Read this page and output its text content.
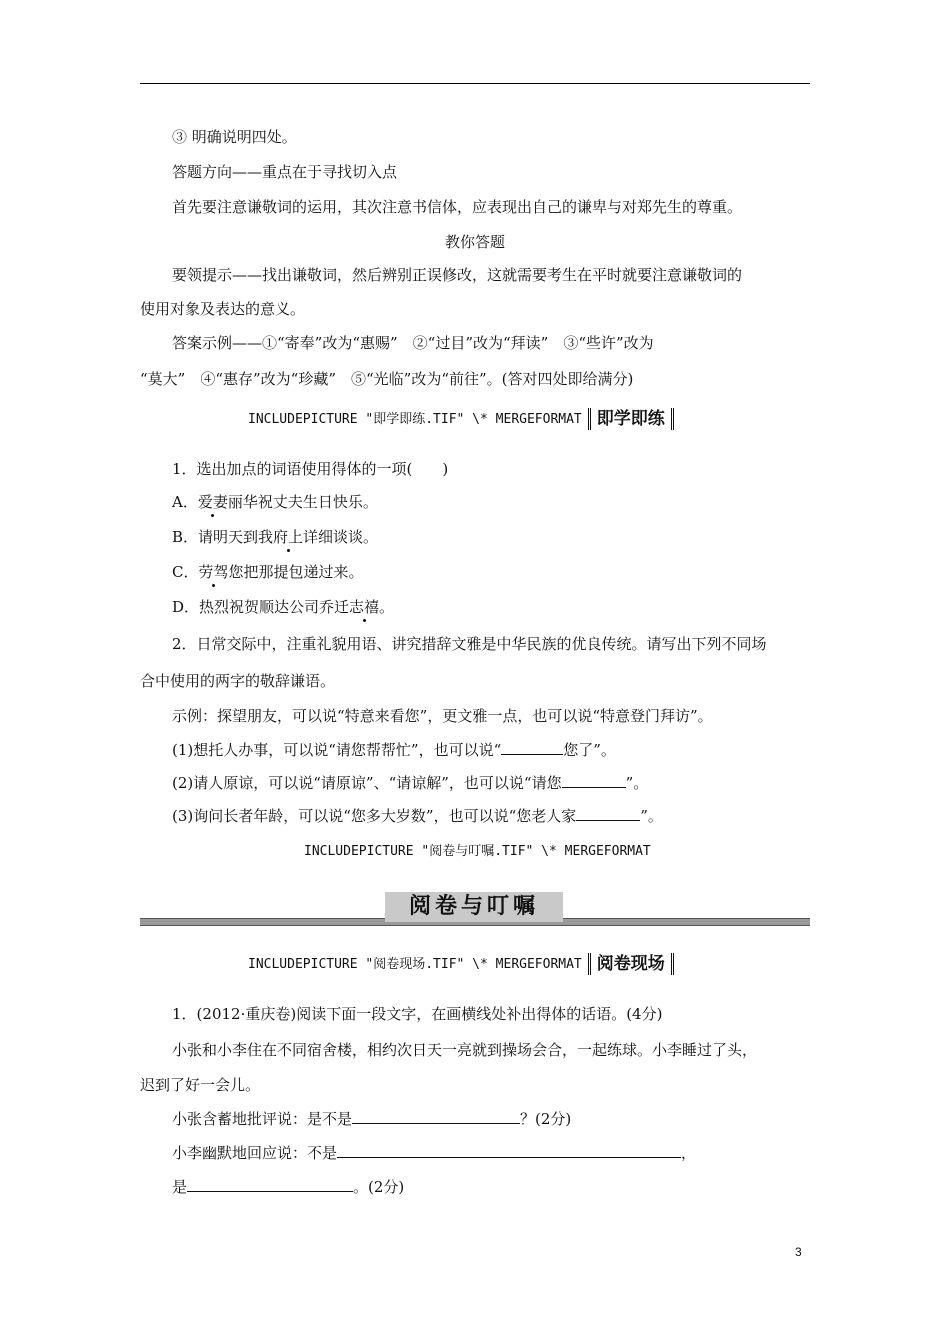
③ 明确说明四处。
答题方向——重点在于寻找切入点
首先要注意谦敬词的运用，其次注意书信体，应表现出自己的谦卑与对郑先生的尊重。
教你答题
要领提示——找出谦敬词，然后辨别正误修改，这就需要考生在平时就要注意谦敬词的
使用对象及表达的意义。
答案示例——①“寄奉”改为“惠赐”　②“过目”改为“拜读”　③“些许”改为
“莫大”　④“惠存”改为“珍藏”　⑤“光临”改为“前往”。(答对四处即给满分)
INCLUDEPICTURE "即学即练.TIF" \* MERGEFORMAT 即学即练
1．选出加点的词语使用得体的一项(　　)
A．爱妻丽华祝丈夫生日快乐。
B．请明天到我府上详细谈谈。
C．劳驾您把那提包递过来。
D．热烈祝贺顺达公司乔迁志禧。
2．日常交际中，注重礼貌用语、讲究措辞文雅是中华民族的优良传统。请写出下列不同场
合中使用的两字的敬辞谦语。
示例：探望朋友，可以说“特意来看您”，更文雅一点，也可以说“特意登门拜访”。
(1)想托人办事，可以说“请您帮帮忙”，也可以说“	您了”。
(2)请人原谅，可以说“请原谅”、“请谅解”，也可以说“请您	”。
(3)询问长者年龄，可以说“您多大岁数”，也可以说“您老人家	”。
INCLUDEPICTURE "阅卷与叮嘱.TIF" \* MERGEFORMAT
阅卷与叮嘱
INCLUDEPICTURE "阅卷现场.TIF" \* MERGEFORMAT 阅卷现场
1．(2012·重庆卷)阅读下面一段文字，在画横线处补出得体的话语。(4分)
小张和小李住在不同宿舍楼，相约次日天一亮就到操场会合，一起练球。小李睡过了头，
迟到了好一会儿。
小张含蓄地批评说：是不是	？(2分)
小李幽默地回应说：不是	，
是	。(2分)
3
